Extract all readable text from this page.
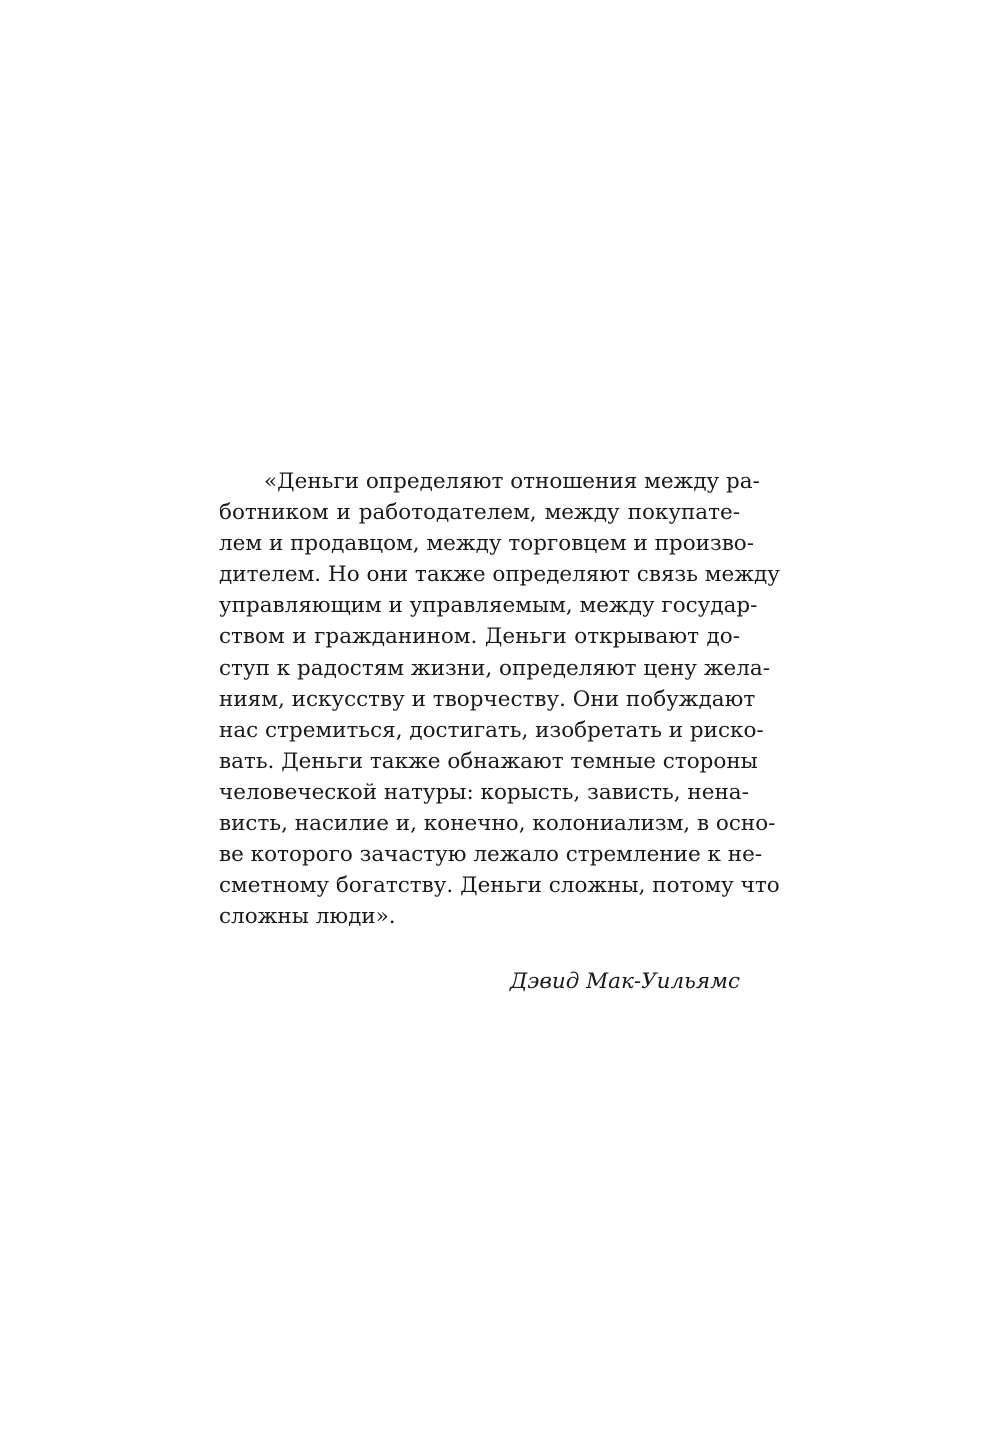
«Деньги определяют отношения между ра-
ботником и работодателем, между покупате-
лем и продавцом, между торговцем и произво-
дителем. Но они также определяют связь между
управляющим и управляемым, между государ-
ством и гражданином. Деньги открывают до-
ступ к радостям жизни, определяют цену жела-
ниям, искусству и творчеству. Они побуждают
нас стремиться, достигать, изобретать и риско-
вать. Деньги также обнажают темные стороны
человеческой натуры: корысть, зависть, нена-
висть, насилие и, конечно, колониализм, в осно-
ве которого зачастую лежало стремление к не-
сметному богатству. Деньги сложны, потому что
сложны люди».

Дэвид Мак-Уильямс
